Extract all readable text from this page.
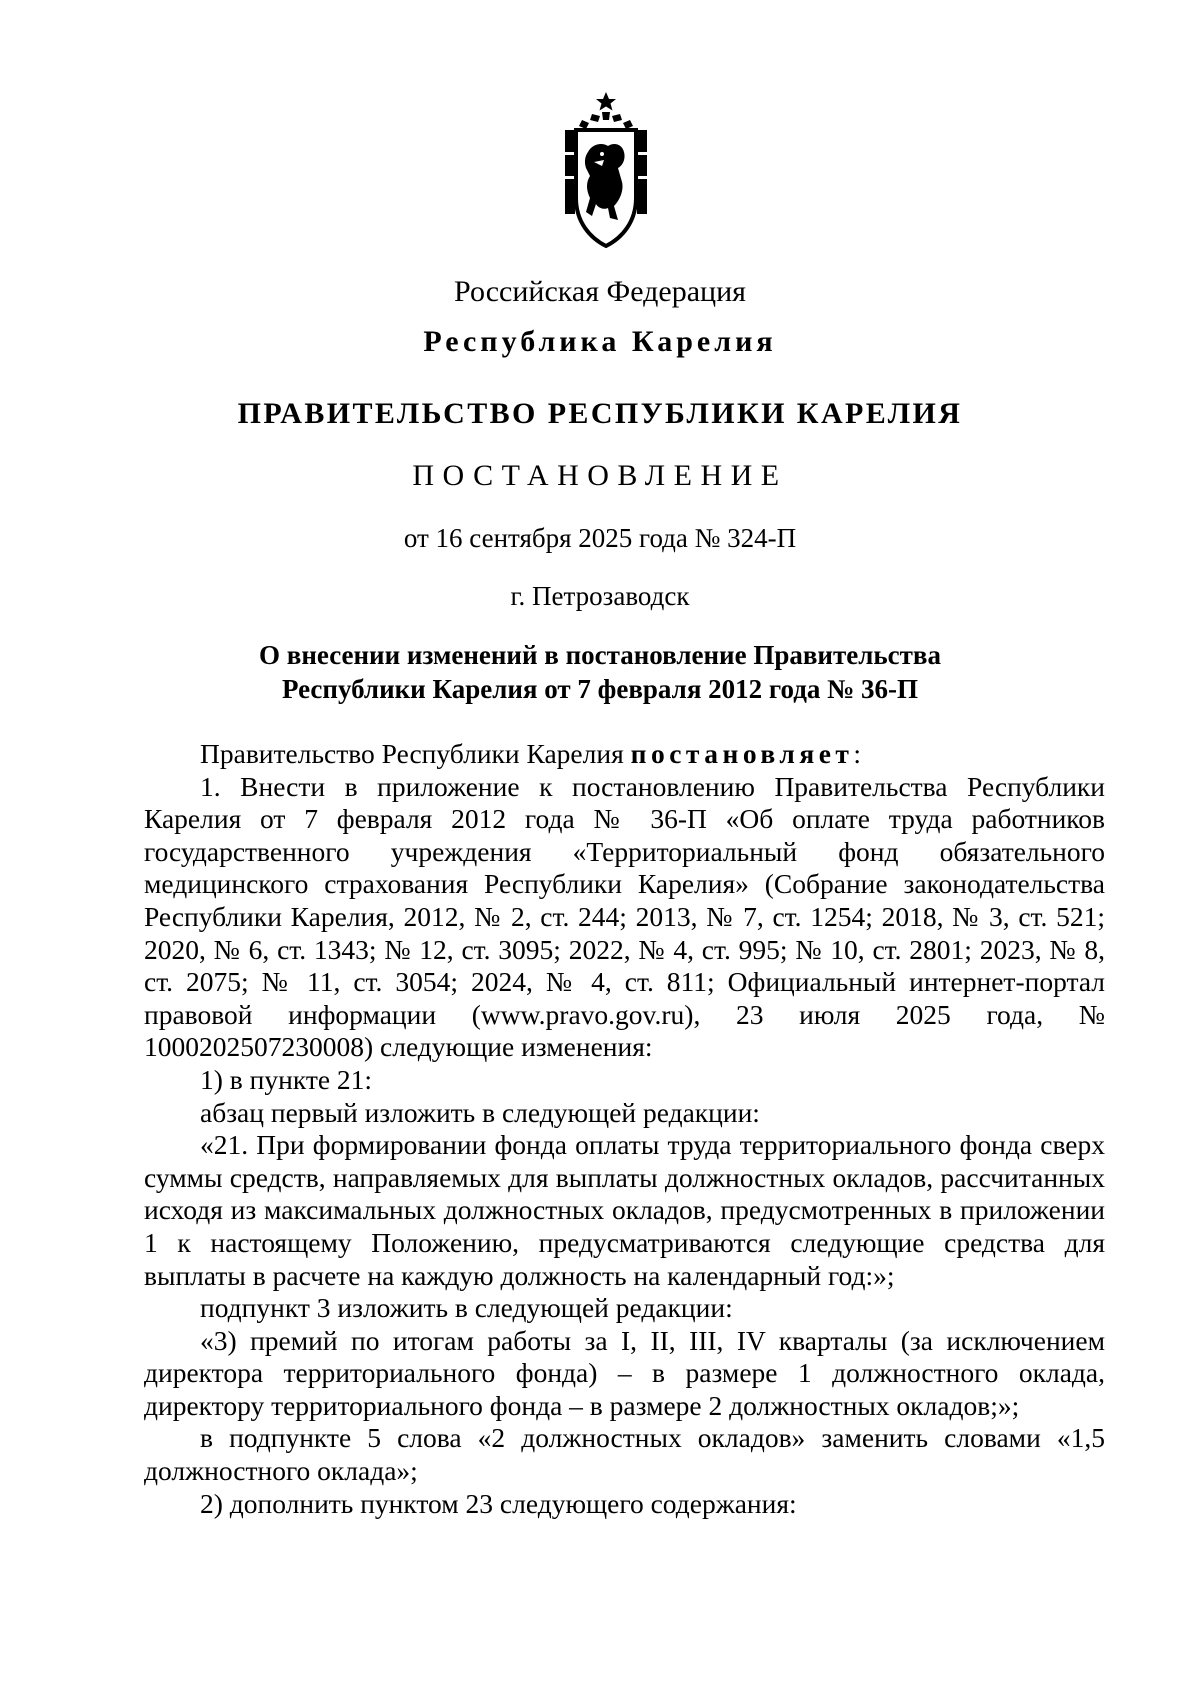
Российская Федерация
Республика Карелия
ПРАВИТЕЛЬСТВО РЕСПУБЛИКИ КАРЕЛИЯ
ПОСТАНОВЛЕНИЕ
от 16 сентября 2025 года № 324-П
г. Петрозаводск
О внесении изменений в постановление Правительства
Республики Карелия от 7 февраля 2012 года № 36-П

Правительство Республики Карелия постановляет:

1. Внести в приложение к постановлению Правительства Республики Карелия от 7 февраля 2012 года № 36-П «Об оплате труда работников государственного учреждения «Территориальный фонд обязательного медицинского страхования Республики Карелия» (Собрание законодательства Республики Карелия, 2012, № 2, ст. 244; 2013, № 7, ст. 1254; 2018, № 3, ст. 521; 2020, № 6, ст. 1343; № 12, ст. 3095; 2022, № 4, ст. 995; № 10, ст. 2801; 2023, № 8, ст. 2075; № 11, ст. 3054; 2024, № 4, ст. 811; Официальный интернет-портал правовой информации (www.pravo.gov.ru), 23 июля 2025 года, № 1000202507230008) следующие изменения:

1) в пункте 21:

абзац первый изложить в следующей редакции:

«21. При формировании фонда оплаты труда территориального фонда сверх суммы средств, направляемых для выплаты должностных окладов, рассчитанных исходя из максимальных должностных окладов, предусмотренных в приложении 1 к настоящему Положению, предусматриваются следующие средства для выплаты в расчете на каждую должность на календарный год:»;

подпункт 3 изложить в следующей редакции:

«3) премий по итогам работы за I, II, III, IV кварталы (за исключением директора территориального фонда) – в размере 1 должностного оклада, директору территориального фонда – в размере 2 должностных окладов;»;

в подпункте 5 слова «2 должностных окладов» заменить словами «1,5 должностного оклада»;

2) дополнить пунктом 23 следующего содержания:
